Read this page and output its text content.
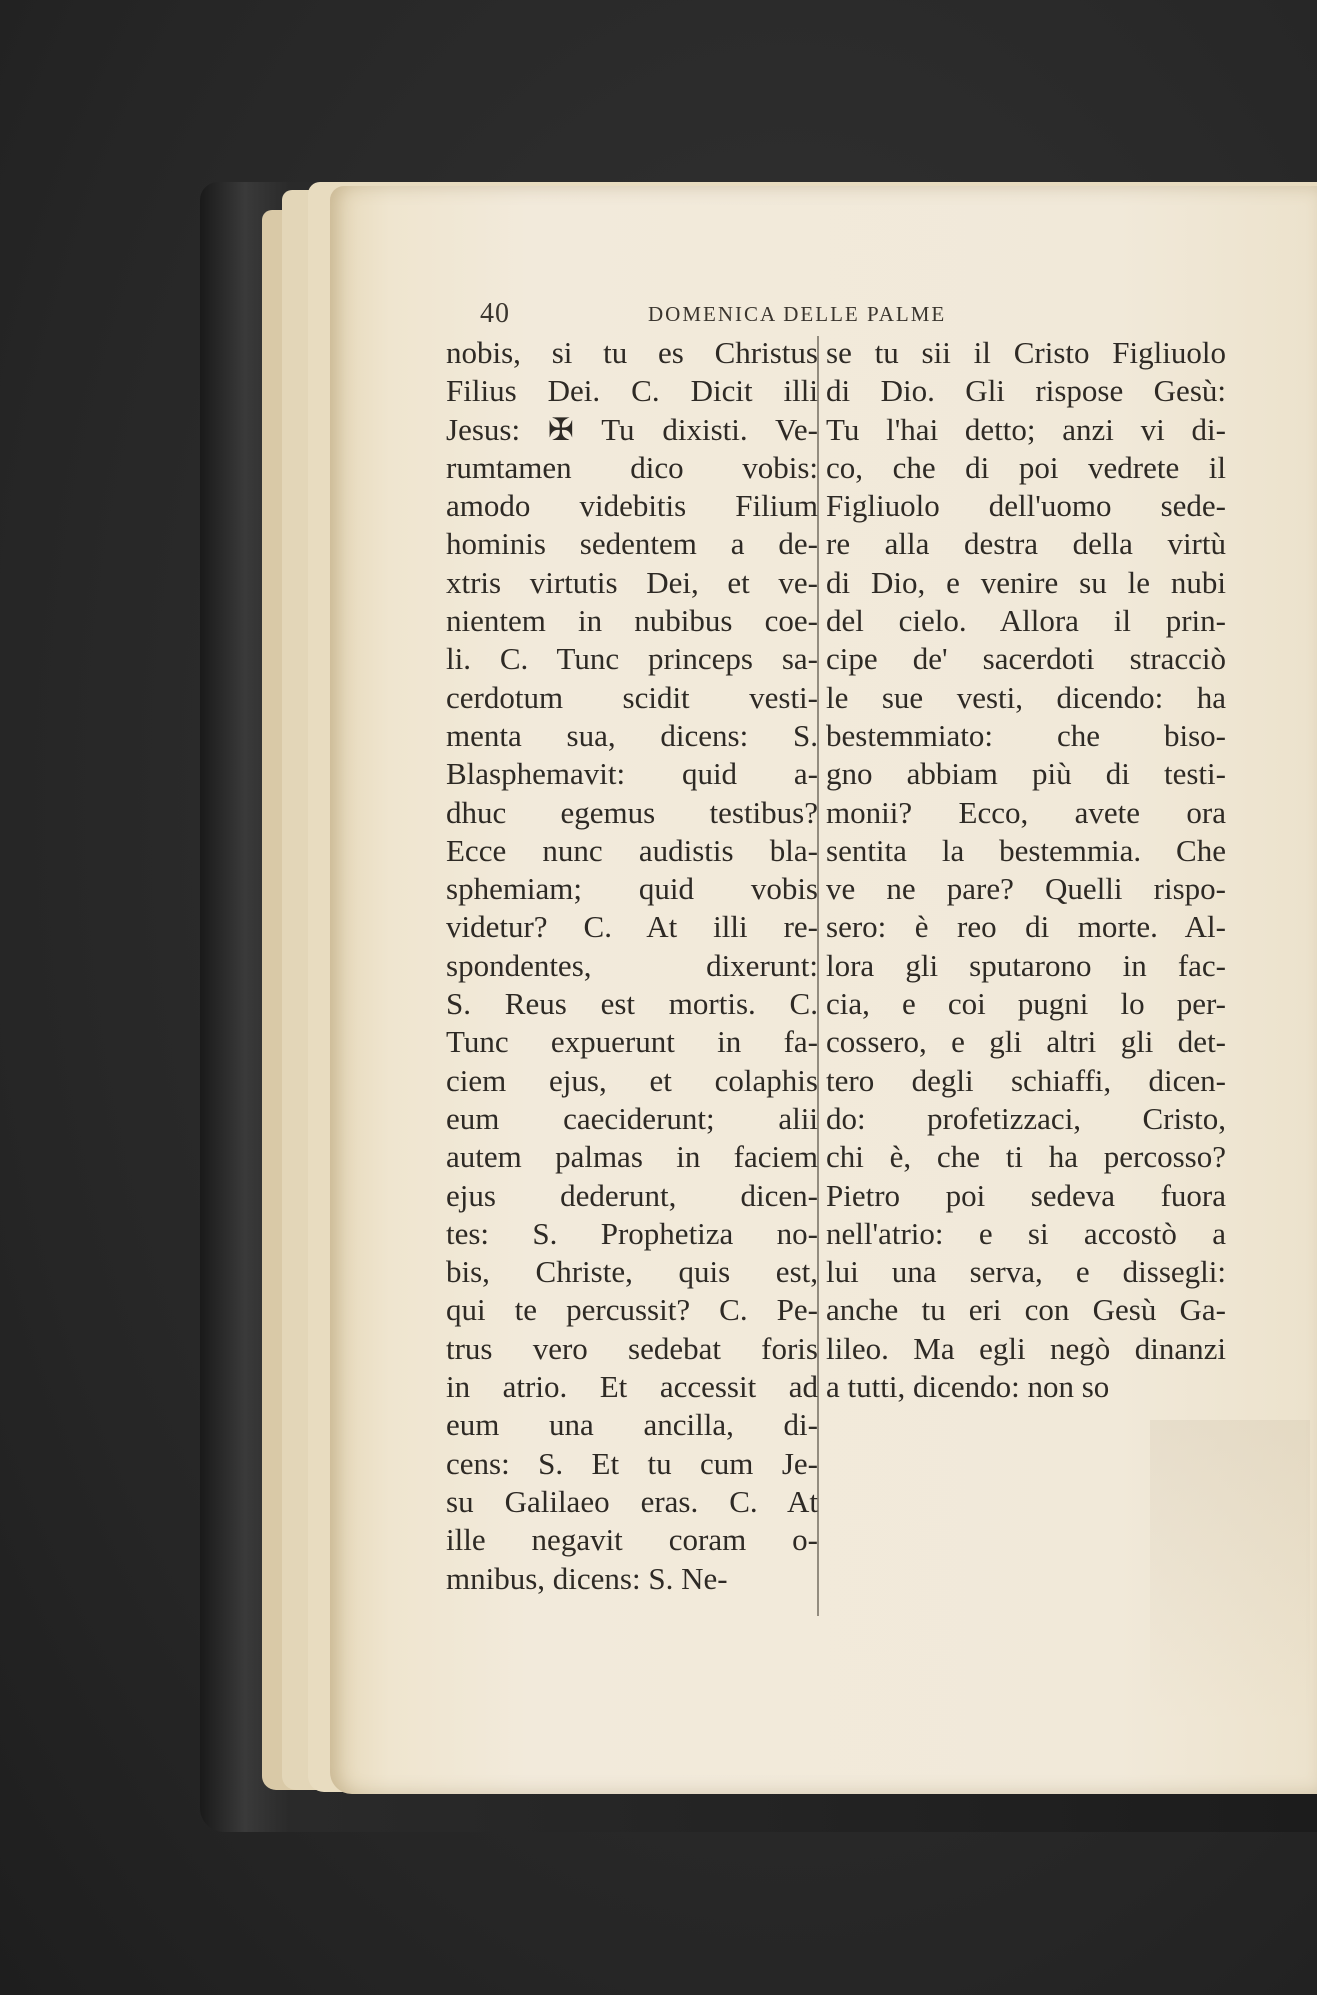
40	DOMENICA DELLE PALME
nobis, si tu es Christus
Filius Dei. C. Dicit illi
Jesus: ✠ Tu dixisti. Ve-
rumtamen dico vobis:
amodo videbitis Filium
hominis sedentem a de-
xtris virtutis Dei, et ve-
nientem in nubibus coe-
li. C. Tunc princeps sa-
cerdotum scidit vesti-
menta sua, dicens: S.
Blasphemavit: quid a-
dhuc egemus testibus?
Ecce nunc audistis bla-
sphemiam; quid vobis
videtur? C. At illi re-
spondentes, dixerunt:
S. Reus est mortis. C.
Tunc expuerunt in fa-
ciem ejus, et colaphis
eum caeciderunt; alii
autem palmas in faciem
ejus dederunt, dicen-
tes: S. Prophetiza no-
bis, Christe, quis est,
qui te percussit? C. Pe-
trus vero sedebat foris
in atrio. Et accessit ad
eum una ancilla, di-
cens: S. Et tu cum Je-
su Galilaeo eras. C. At
ille negavit coram o-
mnibus, dicens: S. Ne-
se tu sii il Cristo Figliuolo
di Dio. Gli rispose Gesù:
Tu l'hai detto; anzi vi di-
co, che di poi vedrete il
Figliuolo dell'uomo sede-
re alla destra della virtù
di Dio, e venire su le nubi
del cielo. Allora il prin-
cipe de' sacerdoti stracciò
le sue vesti, dicendo: ha
bestemmiato: che biso-
gno abbiam più di testi-
monii? Ecco, avete ora
sentita la bestemmia. Che
ve ne pare? Quelli rispo-
sero: è reo di morte. Al-
lora gli sputarono in fac-
cia, e coi pugni lo per-
cossero, e gli altri gli det-
tero degli schiaffi, dicen-
do: profetizzaci, Cristo,
chi è, che ti ha percosso?
Pietro poi sedeva fuora
nell'atrio: e si accostò a
lui una serva, e dissegli:
anche tu eri con Gesù Ga-
lileo. Ma egli negò dinanzi
a tutti, dicendo: non so
